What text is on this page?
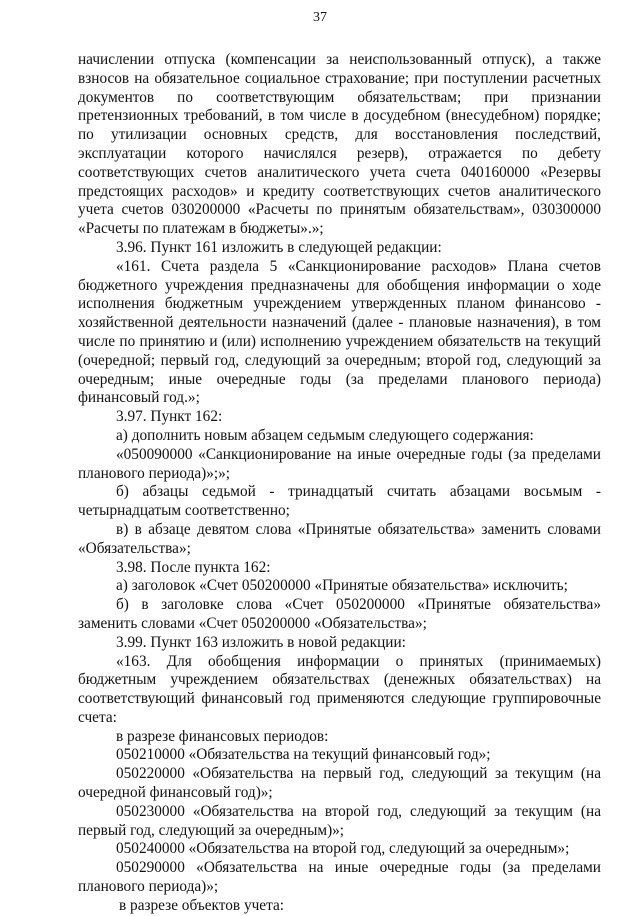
37

начислении отпуска (компенсации за неиспользованный отпуск), а также взносов на обязательное социальное страхование; при поступлении расчетных документов по соответствующим обязательствам; при признании претензионных требований, в том числе в досудебном (внесудебном) порядке; по утилизации основных средств, для восстановления последствий, эксплуатации которого начислялся резерв), отражается по дебету соответствующих счетов аналитического учета счета 040160000 «Резервы предстоящих расходов» и кредиту соответствующих счетов аналитического учета счетов 030200000 «Расчеты по принятым обязательствам», 030300000 «Расчеты по платежам в бюджеты».»;

3.96. Пункт 161 изложить в следующей редакции:

«161. Счета раздела 5 «Санкционирование расходов» Плана счетов бюджетного учреждения предназначены для обобщения информации о ходе исполнения бюджетным учреждением утвержденных планом финансово - хозяйственной деятельности назначений (далее - плановые назначения), в том числе по принятию и (или) исполнению учреждением обязательств на текущий (очередной; первый год, следующий за очередным; второй год, следующий за очередным; иные очередные годы (за пределами планового периода) финансовый год.»;

3.97. Пункт 162:

а) дополнить новым абзацем седьмым следующего содержания:

«050090000 «Санкционирование на иные очередные годы (за пределами планового периода)»;»;

б) абзацы седьмой - тринадцатый считать абзацами восьмым - четырнадцатым соответственно;

в) в абзаце девятом слова «Принятые обязательства» заменить словами «Обязательства»;

3.98. После пункта 162:

а) заголовок «Счет 050200000 «Принятые обязательства» исключить;

б) в заголовке слова «Счет 050200000 «Принятые обязательства» заменить словами «Счет 050200000 «Обязательства»;

3.99. Пункт 163 изложить в новой редакции:

«163. Для обобщения информации о принятых (принимаемых) бюджетным учреждением обязательствах (денежных обязательствах) на соответствующий финансовый год применяются следующие группировочные счета:

в разрезе финансовых периодов:

050210000 «Обязательства на текущий финансовый год»;

050220000 «Обязательства на первый год, следующий за текущим (на очередной финансовый год)»;

050230000 «Обязательства на второй год, следующий за текущим (на первый год, следующий за очередным)»;

050240000 «Обязательства на второй год, следующий за очередным»;

050290000 «Обязательства на иные очередные годы (за пределами планового периода)»;

в разрезе объектов учета:
